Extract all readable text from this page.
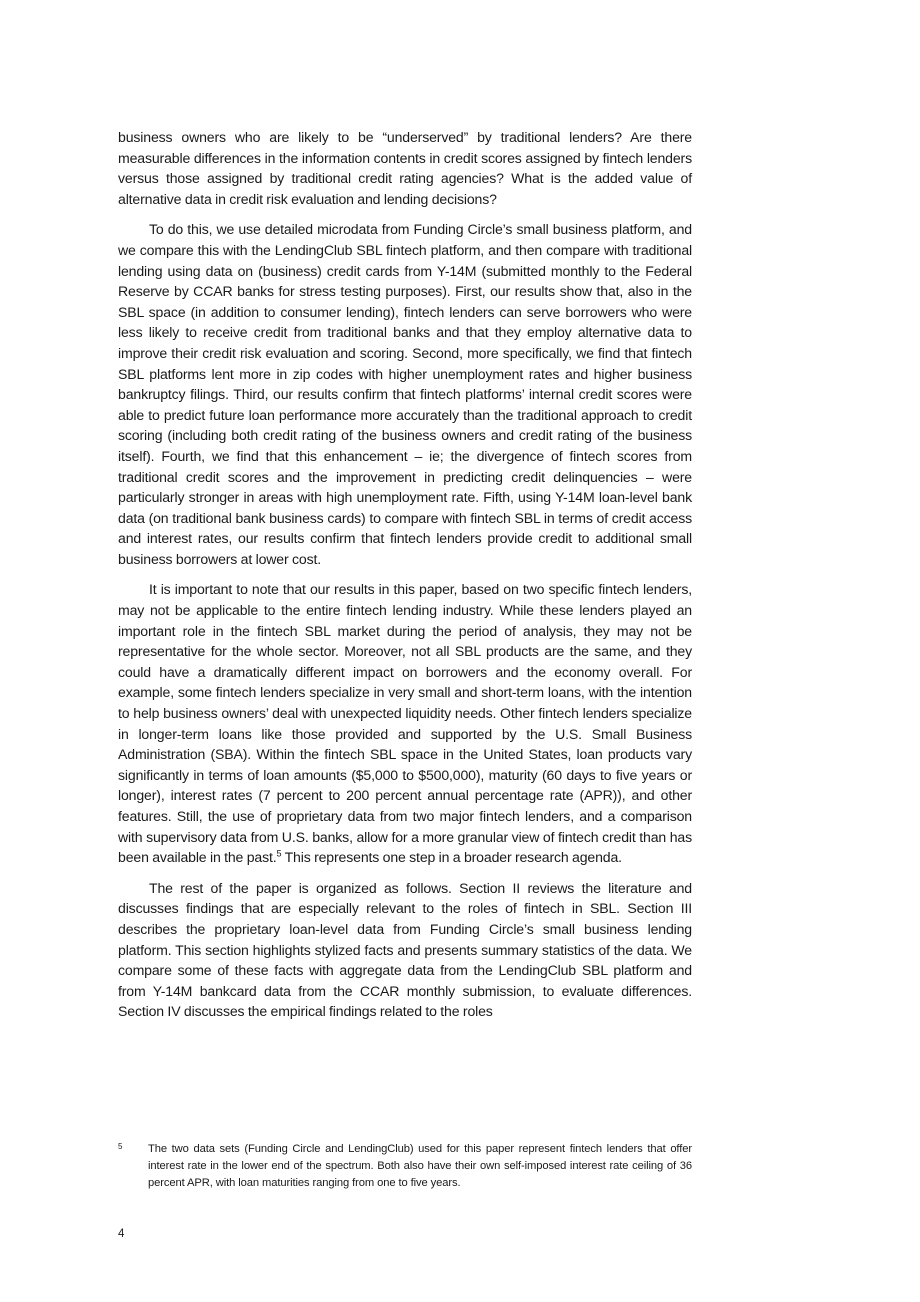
business owners who are likely to be “underserved” by traditional lenders? Are there measurable differences in the information contents in credit scores assigned by fintech lenders versus those assigned by traditional credit rating agencies? What is the added value of alternative data in credit risk evaluation and lending decisions?

To do this, we use detailed microdata from Funding Circle’s small business platform, and we compare this with the LendingClub SBL fintech platform, and then compare with traditional lending using data on (business) credit cards from Y-14M (submitted monthly to the Federal Reserve by CCAR banks for stress testing purposes). First, our results show that, also in the SBL space (in addition to consumer lending), fintech lenders can serve borrowers who were less likely to receive credit from traditional banks and that they employ alternative data to improve their credit risk evaluation and scoring. Second, more specifically, we find that fintech SBL platforms lent more in zip codes with higher unemployment rates and higher business bankruptcy filings. Third, our results confirm that fintech platforms’ internal credit scores were able to predict future loan performance more accurately than the traditional approach to credit scoring (including both credit rating of the business owners and credit rating of the business itself). Fourth, we find that this enhancement – ie; the divergence of fintech scores from traditional credit scores and the improvement in predicting credit delinquencies – were particularly stronger in areas with high unemployment rate. Fifth, using Y-14M loan-level bank data (on traditional bank business cards) to compare with fintech SBL in terms of credit access and interest rates, our results confirm that fintech lenders provide credit to additional small business borrowers at lower cost.

It is important to note that our results in this paper, based on two specific fintech lenders, may not be applicable to the entire fintech lending industry. While these lenders played an important role in the fintech SBL market during the period of analysis, they may not be representative for the whole sector. Moreover, not all SBL products are the same, and they could have a dramatically different impact on borrowers and the economy overall. For example, some fintech lenders specialize in very small and short-term loans, with the intention to help business owners’ deal with unexpected liquidity needs. Other fintech lenders specialize in longer-term loans like those provided and supported by the U.S. Small Business Administration (SBA). Within the fintech SBL space in the United States, loan products vary significantly in terms of loan amounts ($5,000 to $500,000), maturity (60 days to five years or longer), interest rates (7 percent to 200 percent annual percentage rate (APR)), and other features. Still, the use of proprietary data from two major fintech lenders, and a comparison with supervisory data from U.S. banks, allow for a more granular view of fintech credit than has been available in the past.$^5$ This represents one step in a broader research agenda.

The rest of the paper is organized as follows. Section II reviews the literature and discusses findings that are especially relevant to the roles of fintech in SBL. Section III describes the proprietary loan-level data from Funding Circle’s small business lending platform. This section highlights stylized facts and presents summary statistics of the data. We compare some of these facts with aggregate data from the LendingClub SBL platform and from Y-14M bankcard data from the CCAR monthly submission, to evaluate differences. Section IV discusses the empirical findings related to the roles

5	The two data sets (Funding Circle and LendingClub) used for this paper represent fintech lenders that offer interest rate in the lower end of the spectrum. Both also have their own self-imposed interest rate ceiling of 36 percent APR, with loan maturities ranging from one to five years.
4
